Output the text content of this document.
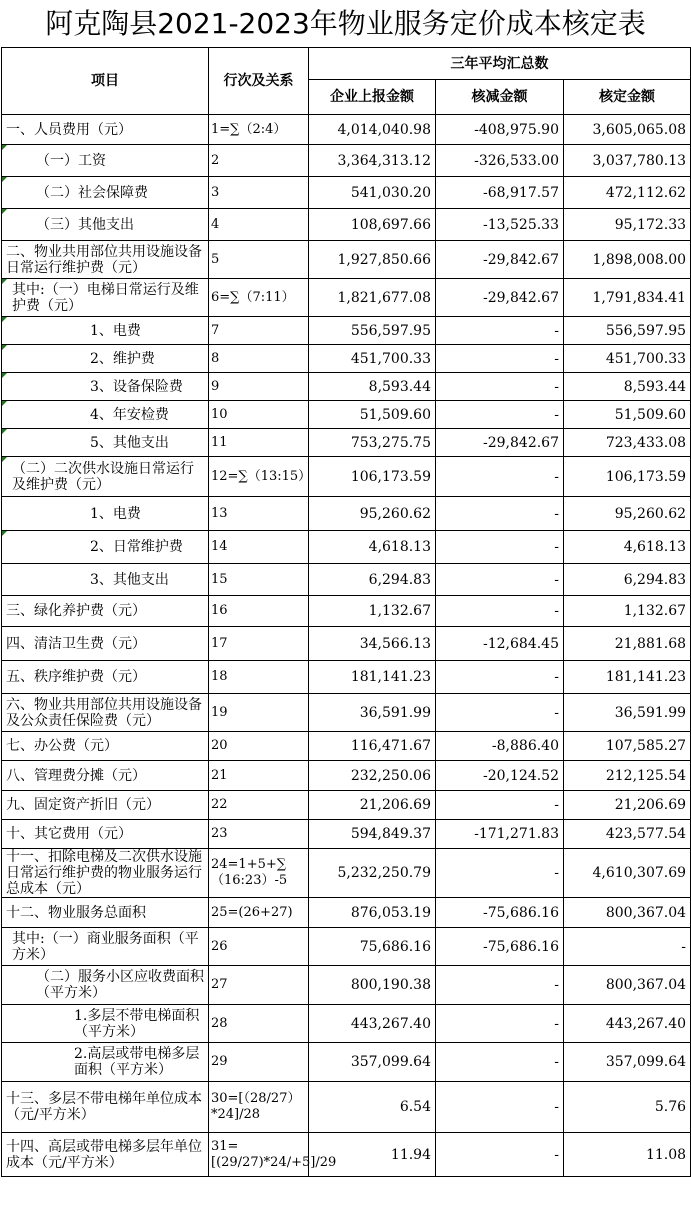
阿克陶县2021-2023年物业服务定价成本核定表
项目	行次及关系	三年平均汇总数		
		企业上报金额	核减金额	核定金额
一、人员费用（元）	1=∑（2:4）	4,014,040.98	-408,975.90	3,605,065.08
（一）工资	2	3,364,313.12	-326,533.00	3,037,780.13
（二）社会保障费	3	541,030.20	-68,917.57	472,112.62
（三）其他支出	4	108,697.66	-13,525.33	95,172.33
二、物业共用部位共用设施设备日常运行维护费（元）	5	1,927,850.66	-29,842.67	1,898,008.00
其中:（一）电梯日常运行及维护费（元）	6=∑（7:11）	1,821,677.08	-29,842.67	1,791,834.41
1、电费	7	556,597.95	-	556,597.95
2、维护费	8	451,700.33	-	451,700.33
3、设备保险费	9	8,593.44	-	8,593.44
4、年安检费	10	51,509.60	-	51,509.60
5、其他支出	11	753,275.75	-29,842.67	723,433.08
（二）二次供水设施日常运行及维护费（元）	12=∑（13:15）	106,173.59	-	106,173.59
1、电费	13	95,260.62	-	95,260.62
2、日常维护费	14	4,618.13	-	4,618.13
3、其他支出	15	6,294.83	-	6,294.83
三、绿化养护费（元）	16	1,132.67	-	1,132.67
四、清洁卫生费（元）	17	34,566.13	-12,684.45	21,881.68
五、秩序维护费（元）	18	181,141.23	-	181,141.23
六、物业共用部位共用设施设备及公众责任保险费（元）	19	36,591.99	-	36,591.99
七、办公费（元）	20	116,471.67	-8,886.40	107,585.27
八、管理费分摊（元）	21	232,250.06	-20,124.52	212,125.54
九、固定资产折旧（元）	22	21,206.69	-	21,206.69
十、其它费用（元）	23	594,849.37	-171,271.83	423,577.54
十一、扣除电梯及二次供水设施日常运行维护费的物业服务运行总成本（元）	24=1+5+∑（16:23）-5	5,232,250.79	-	4,610,307.69
十二、物业服务总面积	25=(26+27)	876,053.19	-75,686.16	800,367.04
其中:（一）商业服务面积（平方米）	26	75,686.16	-75,686.16	-
（二）服务小区应收费面积（平方米）	27	800,190.38	-	800,367.04
1.多层不带电梯面积（平方米）	28	443,267.40	-	443,267.40
2.高层或带电梯多层面积（平方米）	29	357,099.64	-	357,099.64
十三、多层不带电梯年单位成本（元/平方米）	30=[（28/27）*24]/28	6.54	-	5.76
十四、高层或带电梯多层年单位成本（元/平方米）	31=[(29/27)*24/+5]/29	11.94	-	11.08
